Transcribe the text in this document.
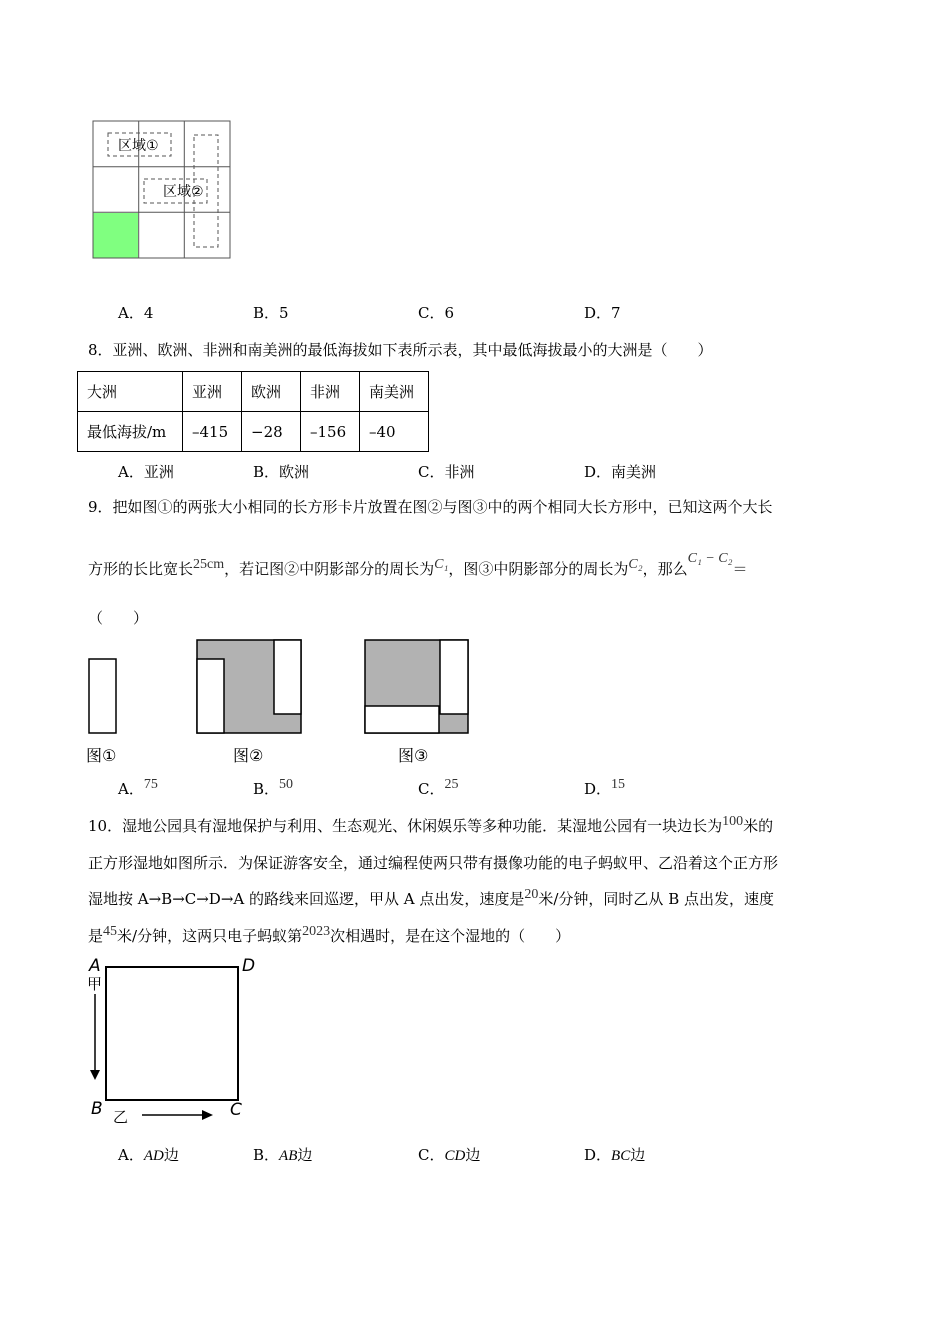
区域①
区域②
A．4	B．5	C．6	D．7
8．亚洲、欧洲、非洲和南美洲的最低海拔如下表所示表，其中最低海拔最小的大洲是（　　）
大洲	亚洲	欧洲	非洲	南美洲
最低海拔/m	–415	−28	–156	–40
A．亚洲	B．欧洲	C．非洲	D．南美洲
9．把如图①的两张大小相同的长方形卡片放置在图②与图③中的两个相同大长方形中，已知这两个大长
方形的长比宽长25cm，若记图②中阴影部分的周长为C₁，图③中阴影部分的周长为C₂，那么C₁ − C₂＝
（　　）
图①	图②	图③
A．75	B．50	C．25	D．15
10．湿地公园具有湿地保护与利用、生态观光、休闲娱乐等多种功能．某湿地公园有一块边长为100米的
正方形湿地如图所示．为保证游客安全，通过编程使两只带有摄像功能的电子蚂蚁甲、乙沿着这个正方形
湿地按 A→B→C→D→A 的路线来回巡逻，甲从 A 点出发，速度是20米/分钟，同时乙从 B 点出发，速度
是45米/分钟，这两只电子蚂蚁第2023次相遇时，是在这个湿地的（　　）
A	D
B	C
甲
乙
A．AD边	B．AB边	C．CD边	D．BC边
